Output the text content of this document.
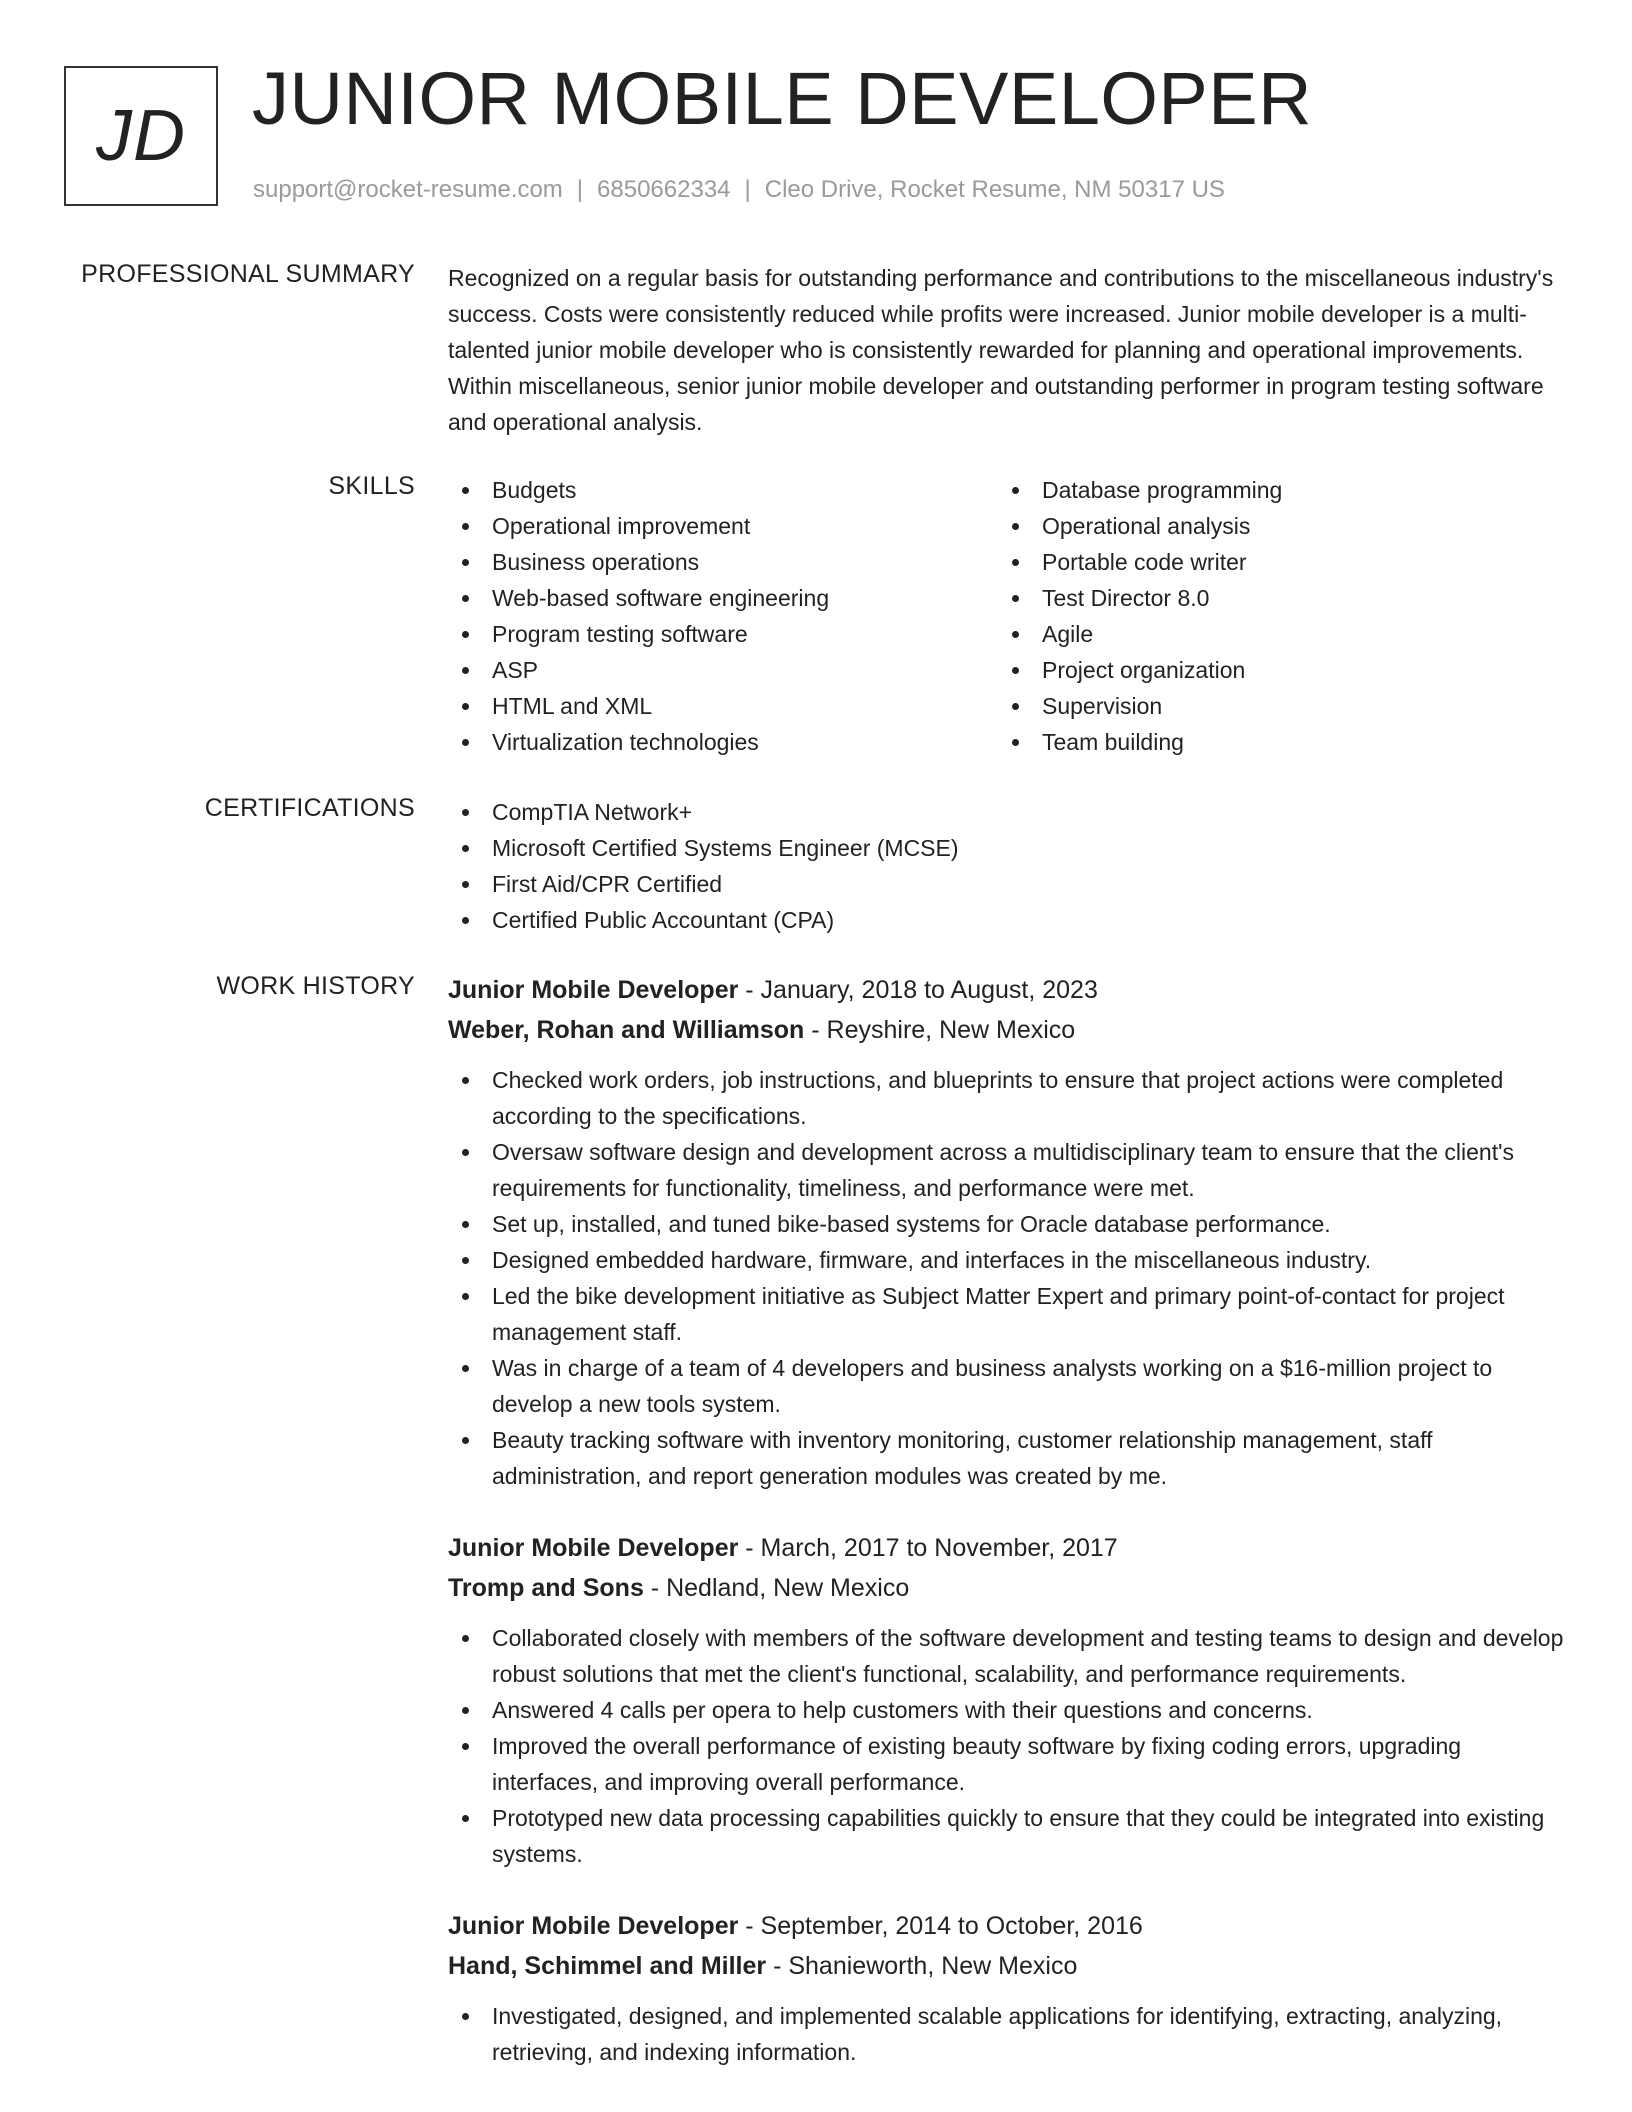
JD JUNIOR MOBILE DEVELOPER
support@rocket-resume.com | 6850662334 | Cleo Drive, Rocket Resume, NM 50317 US
PROFESSIONAL SUMMARY Recognized on a regular basis for outstanding performance and contributions to the miscellaneous industry's success. Costs were consistently reduced while profits were increased. Junior mobile developer is a multi-talented junior mobile developer who is consistently rewarded for planning and operational improvements. Within miscellaneous, senior junior mobile developer and outstanding performer in program testing software and operational analysis.

SKILLS	Budgets
Operational improvement
Business operations
Web-based software engineering
Program testing software
ASP
HTML and XML
Virtualization technologies
Database programming
Operational analysis
Portable code writer
Test Director 8.0
Agile
Project organization
Supervision
Team building
CERTIFICATIONS	CompTIA Network+
Microsoft Certified Systems Engineer (MCSE)
First Aid/CPR Certified
Certified Public Accountant (CPA)
WORK HISTORY Junior Mobile Developer - January, 2018 to August, 2023
Weber, Rohan and Williamson - Reyshire, New Mexico
Checked work orders, job instructions, and blueprints to ensure that project actions were completed according to the specifications.
Oversaw software design and development across a multidisciplinary team to ensure that the client's requirements for functionality, timeliness, and performance were met.
Set up, installed, and tuned bike-based systems for Oracle database performance.
Designed embedded hardware, firmware, and interfaces in the miscellaneous industry.
Led the bike development initiative as Subject Matter Expert and primary point-of-contact for project management staff.
Was in charge of a team of 4 developers and business analysts working on a $16-million project to develop a new tools system.
Beauty tracking software with inventory monitoring, customer relationship management, staff administration, and report generation modules was created by me.
Junior Mobile Developer - March, 2017 to November, 2017
Tromp and Sons - Nedland, New Mexico
Collaborated closely with members of the software development and testing teams to design and develop robust solutions that met the client's functional, scalability, and performance requirements.
Answered 4 calls per opera to help customers with their questions and concerns.
Improved the overall performance of existing beauty software by fixing coding errors, upgrading interfaces, and improving overall performance.
Prototyped new data processing capabilities quickly to ensure that they could be integrated into existing systems.
Junior Mobile Developer - September, 2014 to October, 2016
Hand, Schimmel and Miller - Shanieworth, New Mexico
Investigated, designed, and implemented scalable applications for identifying, extracting, analyzing, retrieving, and indexing information.
